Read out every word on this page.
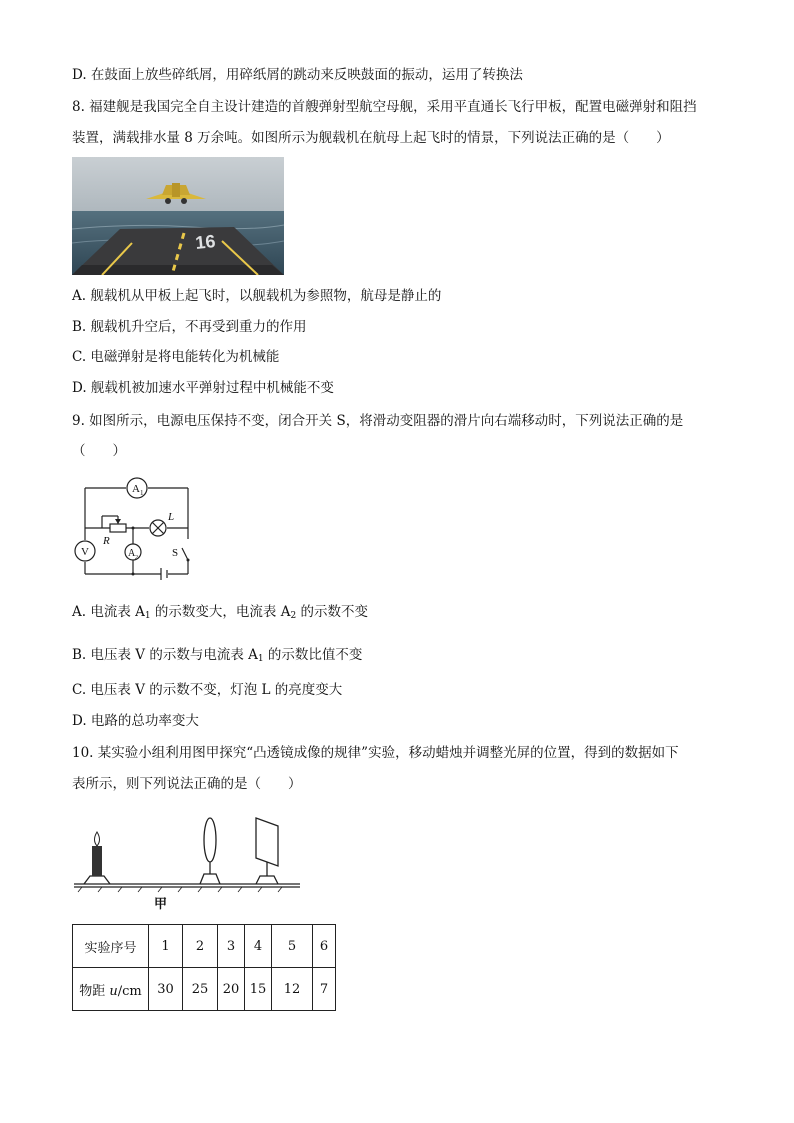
D. 在鼓面上放些碎纸屑，用碎纸屑的跳动来反映鼓面的振动，运用了转换法
8. 福建舰是我国完全自主设计建造的首艘弹射型航空母舰，采用平直通长飞行甲板，配置电磁弹射和阻挡
装置，满载排水量 8 万余吨。如图所示为舰载机在航母上起飞时的情景，下列说法正确的是（　　）
16
A. 舰载机从甲板上起飞时，以舰载机为参照物，航母是静止的
B. 舰载机升空后，不再受到重力的作用
C. 电磁弹射是将电能转化为机械能
D. 舰载机被加速水平弹射过程中机械能不变
9. 如图所示，电源电压保持不变，闭合开关 S，将滑动变阻器的滑片向右端移动时，下列说法正确的是
（　　）
A 1
V	A 2
R
L
S
A. 电流表 $A_1$ 的示数变大，电流表 $A_2$ 的示数不变
B. 电压表 V 的示数与电流表 $A_1$ 的示数比值不变
C. 电压表 V 的示数不变，灯泡 L 的亮度变大
D. 电路的总功率变大
10. 某实验小组利用图甲探究“凸透镜成像的规律”实验，移动蜡烛并调整光屏的位置，得到的数据如下
表所示，则下列说法正确的是（　　）
甲
实验序号	1	2	3	4	5	6
物距 u/cm	30	25	20	15	12	7
